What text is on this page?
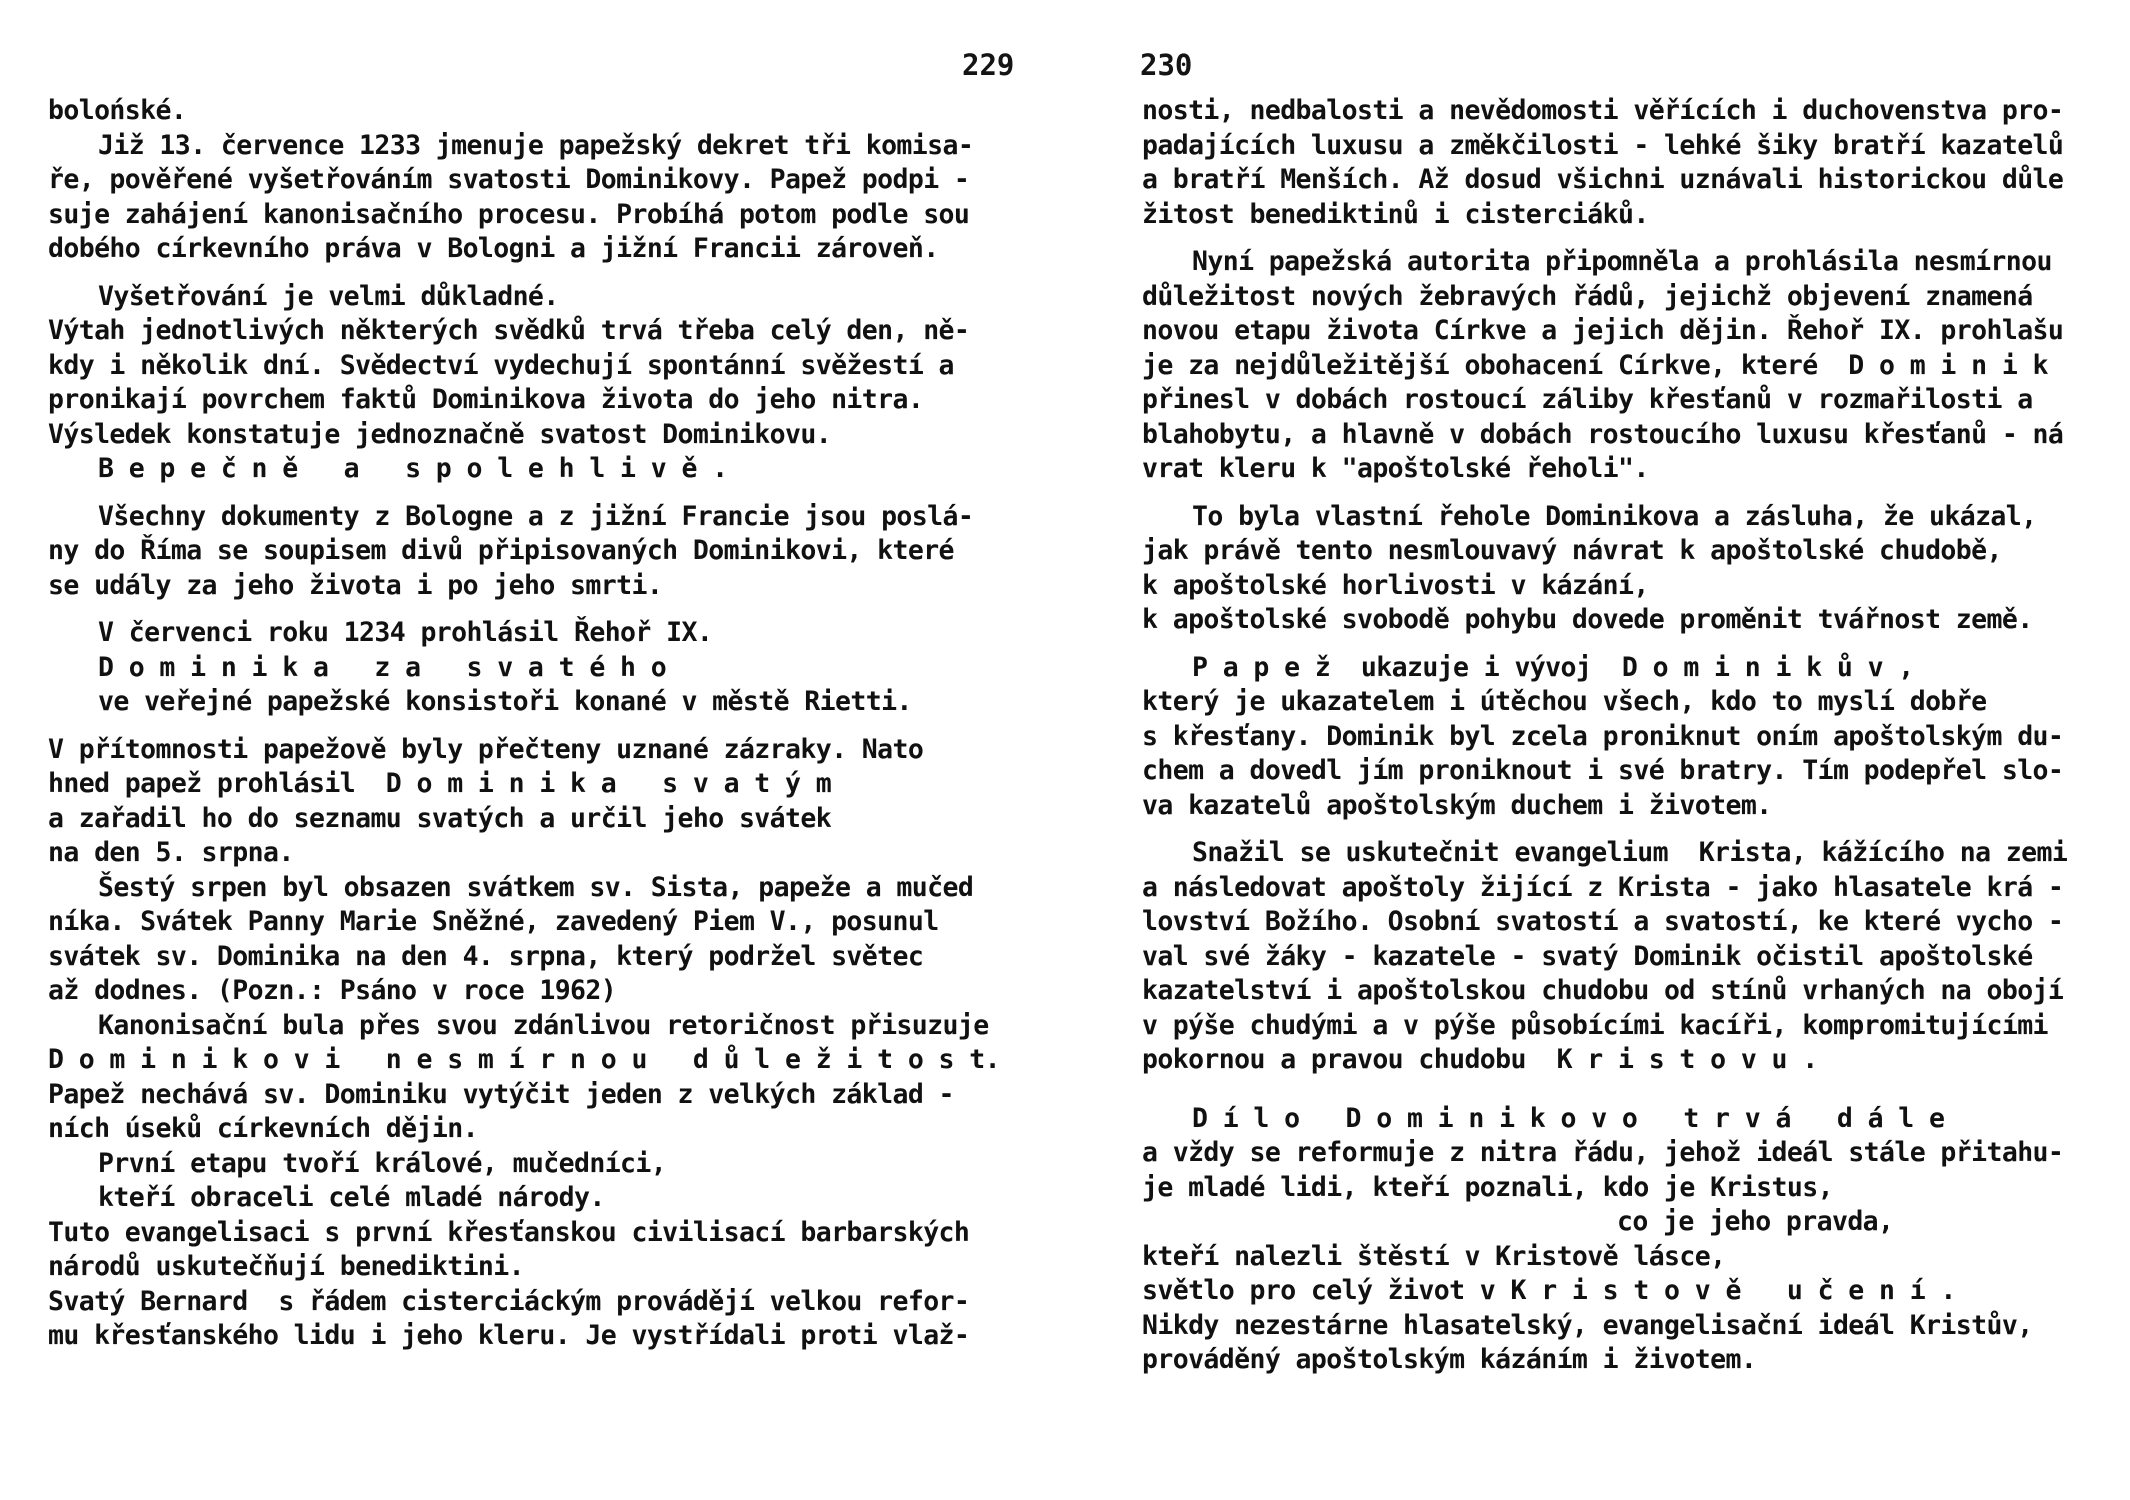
229
bolońské.
Již 13. července 1233 jmenuje papežský dekret tři komisa-
ře, pověřené vyšetřováním svatosti Dominikovy. Papež podpi -
suje zahájení kanonisačního procesu. Probíhá potom podle sou
dobého církevního práva v Bologni a jižní Francii zároveň.
Vyšetřování je velmi důkladné.
Výtah jednotlivých některých svědků trvá třeba celý den, ně-
kdy i několik dní. Svědectví vydechují spontánní svěžestí a
pronikají povrchem faktů Dominikova života do jeho nitra.
Výsledek konstatuje jednoznačně svatost Dominikovu.
B e p e č n ě   a   s p o l e h l i v ě .
Všechny dokumenty z Bologne a z jižní Francie jsou poslá-
ny do Říma se soupisem divů připisovaných Dominikovi, které
se udály za jeho života i po jeho smrti.
V červenci roku 1234 prohlásil Řehoř IX.
D o m i n i k a   z a   s v a t é h o
ve veřejné papežské konsistoři konané v městě Rietti.
V přítomnosti papežově byly přečteny uznané zázraky. Nato
hned papež prohlásil  D o m i n i k a   s v a t ý m
a zařadil ho do seznamu svatých a určil jeho svátek
na den 5. srpna.
Šestý srpen byl obsazen svátkem sv. Sista, papeže a mučed
níka. Svátek Panny Marie Sněžné, zavedený Piem V., posunul
svátek sv. Dominika na den 4. srpna, který podržel světec
až dodnes. (Pozn.: Psáno v roce 1962)
Kanonisační bula přes svou zdánlivou retoričnost přisuzuje
D o m i n i k o v i   n e s m í r n o u   d ů l e ž i t o s t.
Papež nechává sv. Dominiku vytýčit jeden z velkých základ -
ních úseků církevních dějin.
První etapu tvoří králové, mučedníci,
kteří obraceli celé mladé národy.
Tuto evangelisaci s první křesťanskou civilisací barbarských
národů uskutečňují benediktini.
Svatý Bernard  s řádem cisterciáckým provádějí velkou refor-
mu křesťanského lidu i jeho kleru. Je vystřídali proti vlaž-
230
nosti, nedbalosti a nevědomosti věřících i duchovenstva pro-
padajících luxusu a změkčilosti - lehké šiky bratří kazatelů
a bratří Menších. Až dosud všichni uznávali historickou důle
žitost benediktinů i cisterciáků.
Nyní papežská autorita připomněla a prohlásila nesmírnou
důležitost nových žebravých řádů, jejichž objevení znamená
novou etapu života Církve a jejich dějin. Řehoř IX. prohlašu
je za nejdůležitější obohacení Církve, které  D o m i n i k
přinesl v dobách rostoucí záliby křesťanů v rozmařilosti a
blahobytu, a hlavně v dobách rostoucího luxusu křesťanů - ná
vrat kleru k "apoštolské řeholi".
To byla vlastní řehole Dominikova a zásluha, že ukázal,
jak právě tento nesmlouvavý návrat k apoštolské chudobě,
k apoštolské horlivosti v kázání,
k apoštolské svobodě pohybu dovede proměnit tvářnost země.
P a p e ž  ukazuje i vývoj  D o m i n i k ů v ,
který je ukazatelem i útěchou všech, kdo to myslí dobře
s křesťany. Dominik byl zcela proniknut oním apoštolským du-
chem a dovedl jím proniknout i své bratry. Tím podepřel slo-
va kazatelů apoštolským duchem i životem.
Snažil se uskutečnit evangelium  Krista, kážícího na zemi
a následovat apoštoly žijící z Krista - jako hlasatele krá -
lovství Božího. Osobní svatostí a svatostí, ke které vycho -
val své žáky - kazatele - svatý Dominik očistil apoštolské
kazatelství i apoštolskou chudobu od stínů vrhaných na obojí
v pýše chudými a v pýše působícími kacíři, kompromitujícími
pokornou a pravou chudobu  K r i s t o v u .
D í l o   D o m i n i k o v o   t r v á   d á l e
a vždy se reformuje z nitra řádu, jehož ideál stále přitahu-
je mladé lidi, kteří poznali, kdo je Kristus,
co je jeho pravda,
kteří nalezli štěstí v Kristově lásce,
světlo pro celý život v K r i s t o v ě   u č e n í .
Nikdy nezestárne hlasatelský, evangelisační ideál Kristův,
prováděný apoštolským kázáním i životem.
